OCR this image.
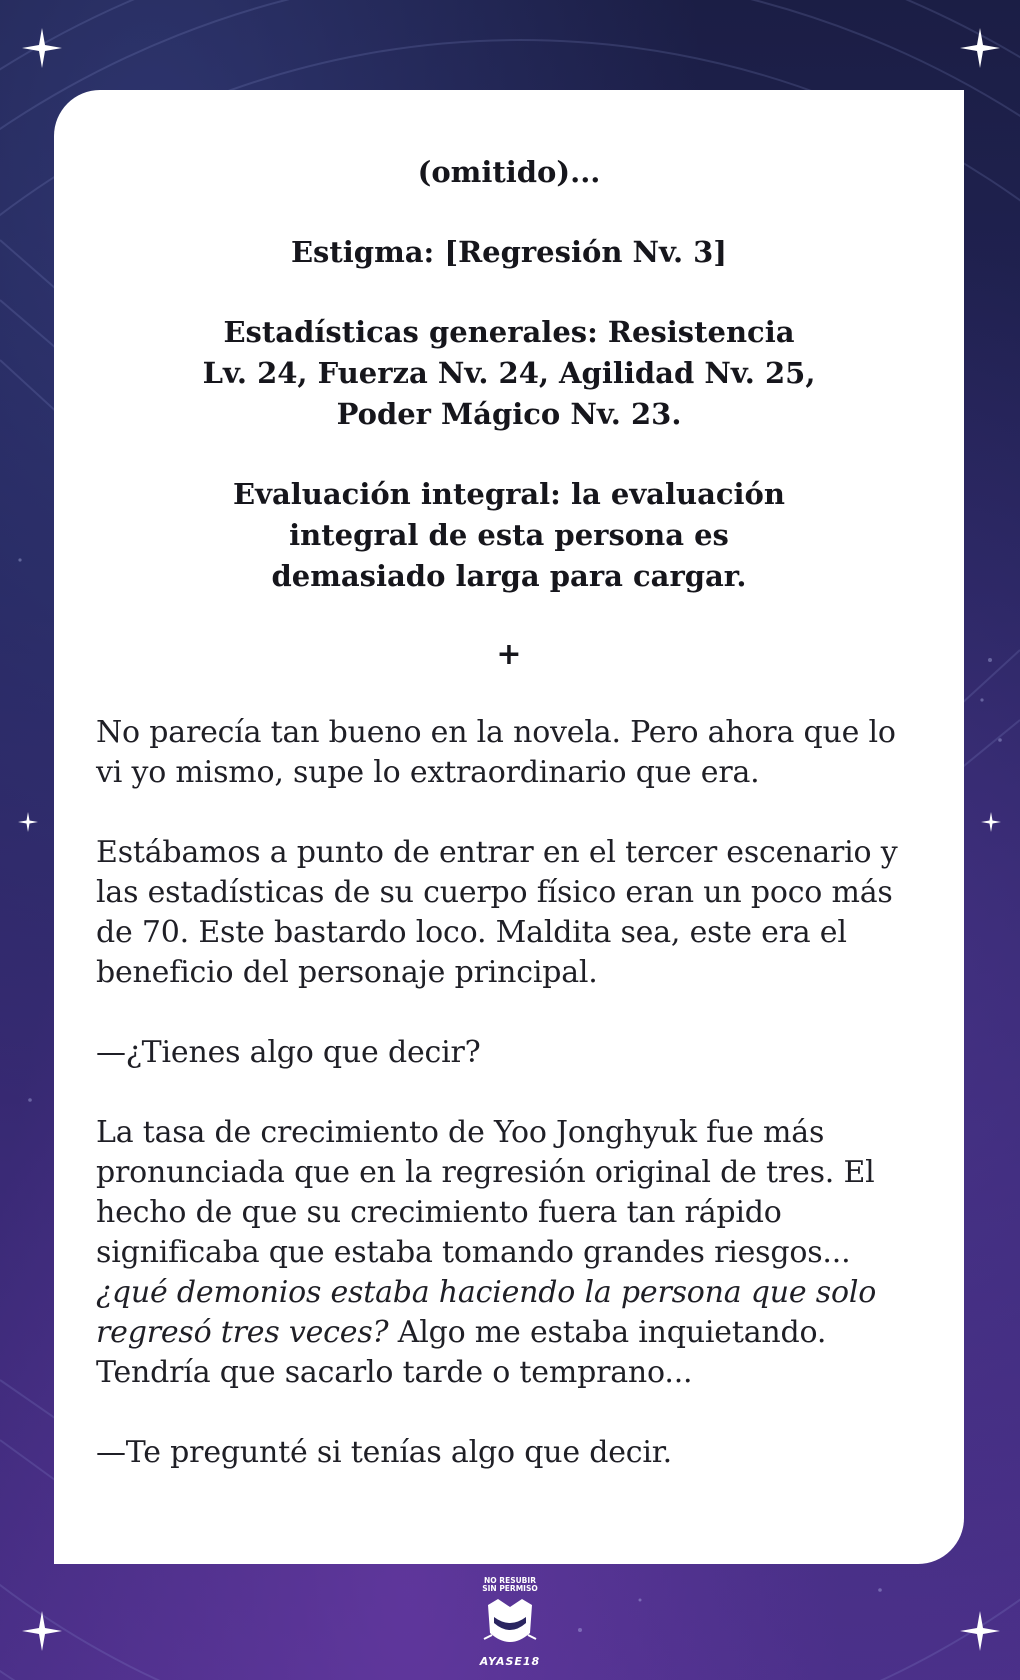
(omitido)...

Estigma: [Regresión Nv. 3]

Estadísticas generales: Resistencia
Lv. 24, Fuerza Nv. 24, Agilidad Nv. 25,
Poder Mágico Nv. 23.

Evaluación integral: la evaluación
integral de esta persona es
demasiado larga para cargar.

+

No parecía tan bueno en la novela. Pero ahora que lo vi yo mismo, supe lo extraordinario que era.

Estábamos a punto de entrar en el tercer escenario y las estadísticas de su cuerpo físico eran un poco más de 70. Este bastardo loco. Maldita sea, este era el beneficio del personaje principal.

—¿Tienes algo que decir?

La tasa de crecimiento de Yoo Jonghyuk fue más pronunciada que en la regresión original de tres. El hecho de que su crecimiento fuera tan rápido significaba que estaba tomando grandes riesgos... ¿qué demonios estaba haciendo la persona que solo regresó tres veces? Algo me estaba inquietando. Tendría que sacarlo tarde o temprano...

—Te pregunté si tenías algo que decir.

NO RESUBIR
SIN PERMISO
AYASE18
